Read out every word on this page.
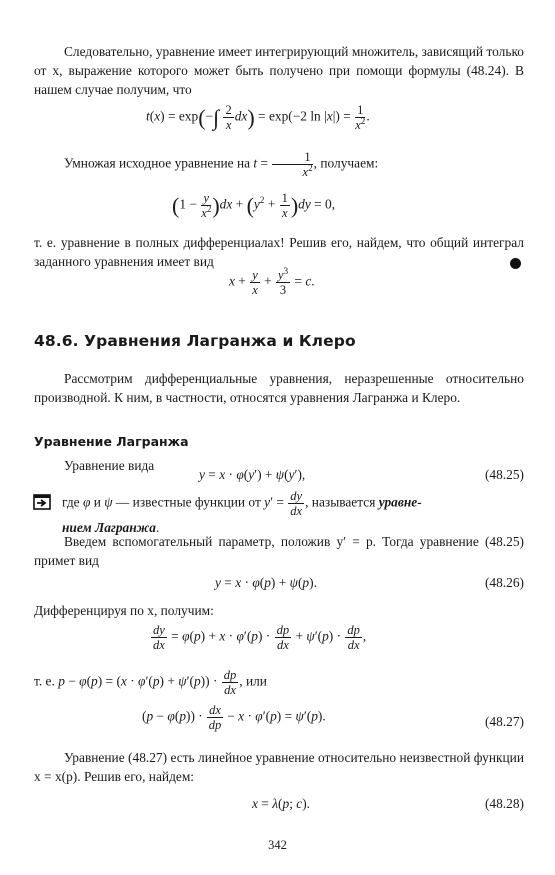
Следовательно, уравнение имеет интегрирующий множитель, зависящий только от x, выражение которого может быть получено при помощи формулы (48.24). В нашем случае получим, что

$t(x) = \exp(-\int \frac{2}{x} dx) = \exp(-2$ $\ln |x|) = \frac{1}{x^2}$ .
Умножая исходное уравнение на $t = \frac{1}{x^2}$ , получаем:
$(1 - \frac{y}{x^2} )dx + (y^2 + \frac{1}{x} )dy = 0$,

т. е. уравнение в полных дифференциалах! Решив его, найдем, что общий интеграл заданного уравнения имеет вид

$x + \frac{y}{x} + \frac{y^3}{3} = c$.
48.6. Уравнения Лагранжа и Клеро

Рассмотрим дифференциальные уравнения, неразрешенные относительно производной. К ним, в частности, относятся уравнения Лагранжа и Клеро.

Уравнение Лагранжа
Уравнение вида
y = x · φ(y′) + ψ(y′),	(48.25)
где φ и ψ — известные функции от $y' = \frac{dy}{dx}$ , называется уравне-
нием Лагранжа.

Введем вспомогательный параметр, положив y′ = p. Тогда уравнение (48.25) примет вид

y = x · φ(p) + ψ(p).	(48.26)

Дифференцируя по x, получим:

$\frac{dy}{dx} = \varphi(p) + x \cdot \varphi'(p) \cdot \frac{dp}{dx} + \psi'(p) \cdot \frac{dp}{dx}$ ,
т. е. $p - \varphi(p) = (x \cdot \varphi'(p) + \psi'(p)) \cdot \frac{dp}{dx}$ , или
$(p - \varphi(p)) \cdot \frac{dx}{dp} - x \cdot \varphi'(p) = \psi'(p)$.	(48.27)

Уравнение (48.27) есть линейное уравнение относительно неизвестной функции x = x(p). Решив его, найдем:

x = λ(p; c).	(48.28)
342
